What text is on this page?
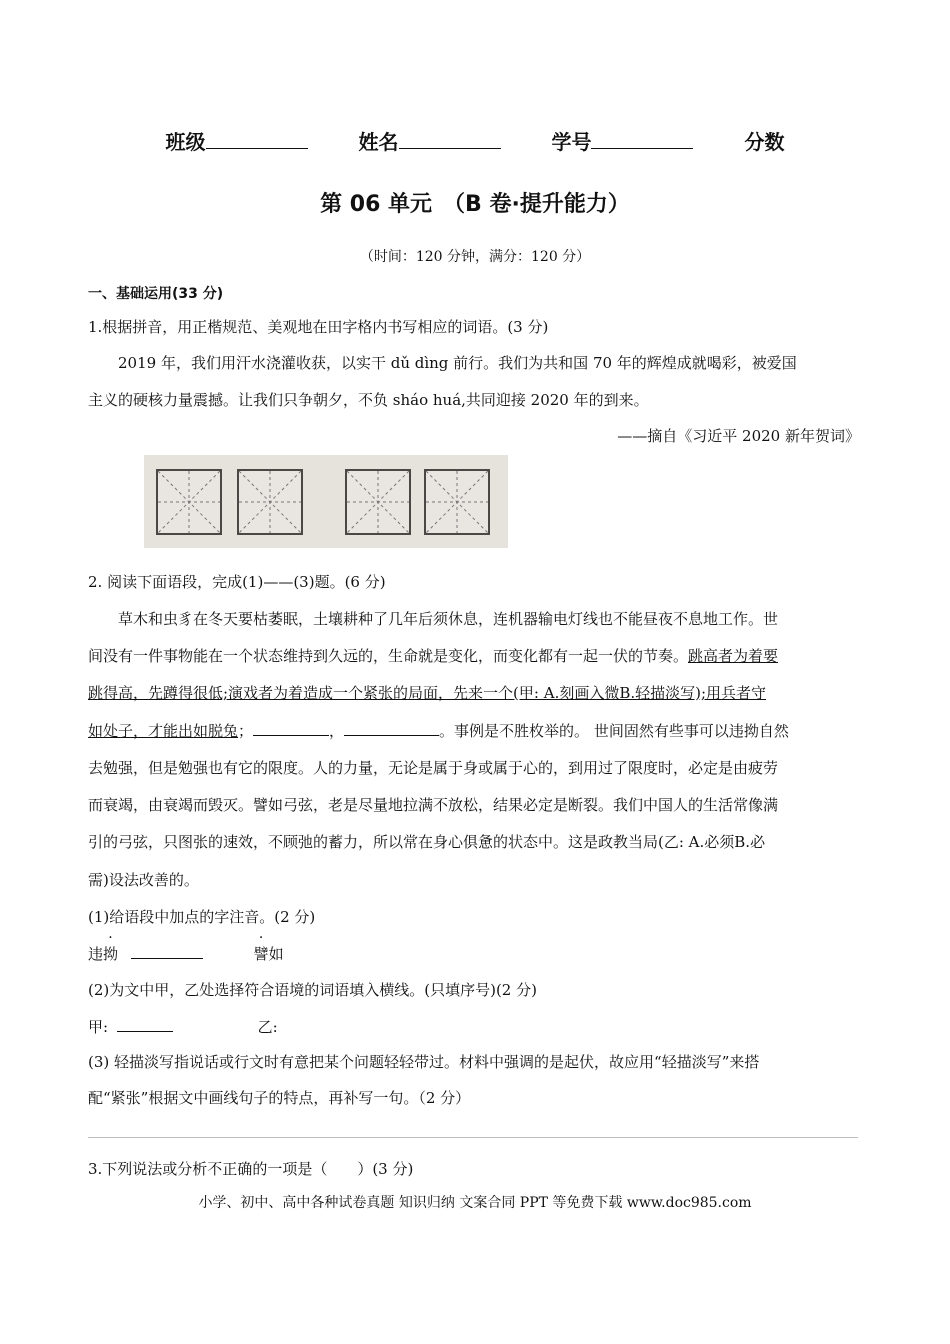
班级	姓名	学号	分数
第 06 单元　（B 卷·提升能力）
（时间：120 分钟，满分：120 分）
一、基础运用(33 分)
1.根据拼音，用正楷规范、美观地在田字格内书写相应的词语。(3 分)
2019 年，我们用汗水浇灌收获，以实干 dǔ dìng 前行。我们为共和国 70 年的辉煌成就喝彩，被爱国
主义的硬核力量震撼。让我们只争朝夕，不负 sháo huá,共同迎接 2020 年的到来。
——摘自《习近平 2020 新年贺词》
2. 阅读下面语段，完成(1)——(3)题。(6 分)
草木和虫豸在冬天要枯萎眠，土壤耕种了几年后须休息，连机器输电灯线也不能昼夜不息地工作。世
间没有一件事物能在一个状态维持到久远的，生命就是变化，而变化都有一起一伏的节奏。跳高者为着要
跳得高，先蹲得很低;演戏者为着造成一个紧张的局面，先来一个(甲: A.刻画入微B.轻描淡写);用兵者守
如处子，才能出如脱兔；	，	。事例是不胜枚举的。 世间固然有些事可以违拗自然
去勉强，但是勉强也有它的限度。人的力量，无论是属于身或属于心的，到用过了限度时，必定是由疲劳
而衰竭，由衰竭而毁灭。譬如弓弦，老是尽量地拉满不放松，结果必定是断裂。我们中国人的生活常像满
引的弓弦，只图张的速效，不顾弛的蓄力，所以常在身心俱惫的状态中。这是政教当局(乙: A.必须B.必
需)设法改善的。
(1)给语段中加点的字注音。(2 分)
违拗	譬如
(2)为文中甲，乙处选择符合语境的词语填入横线。(只填序号)(2 分)
甲:	乙:
(3) 轻描淡写指说话或行文时有意把某个问题轻轻带过。材料中强调的是起伏，故应用“轻描淡写”来搭
配“紧张”根据文中画线句子的特点，再补写一句。（2 分）
3.下列说法或分析不正确的一项是（　　）(3 分)
小学、初中、高中各种试卷真题 知识归纳 文案合同 PPT 等免费下载 www.doc985.com
